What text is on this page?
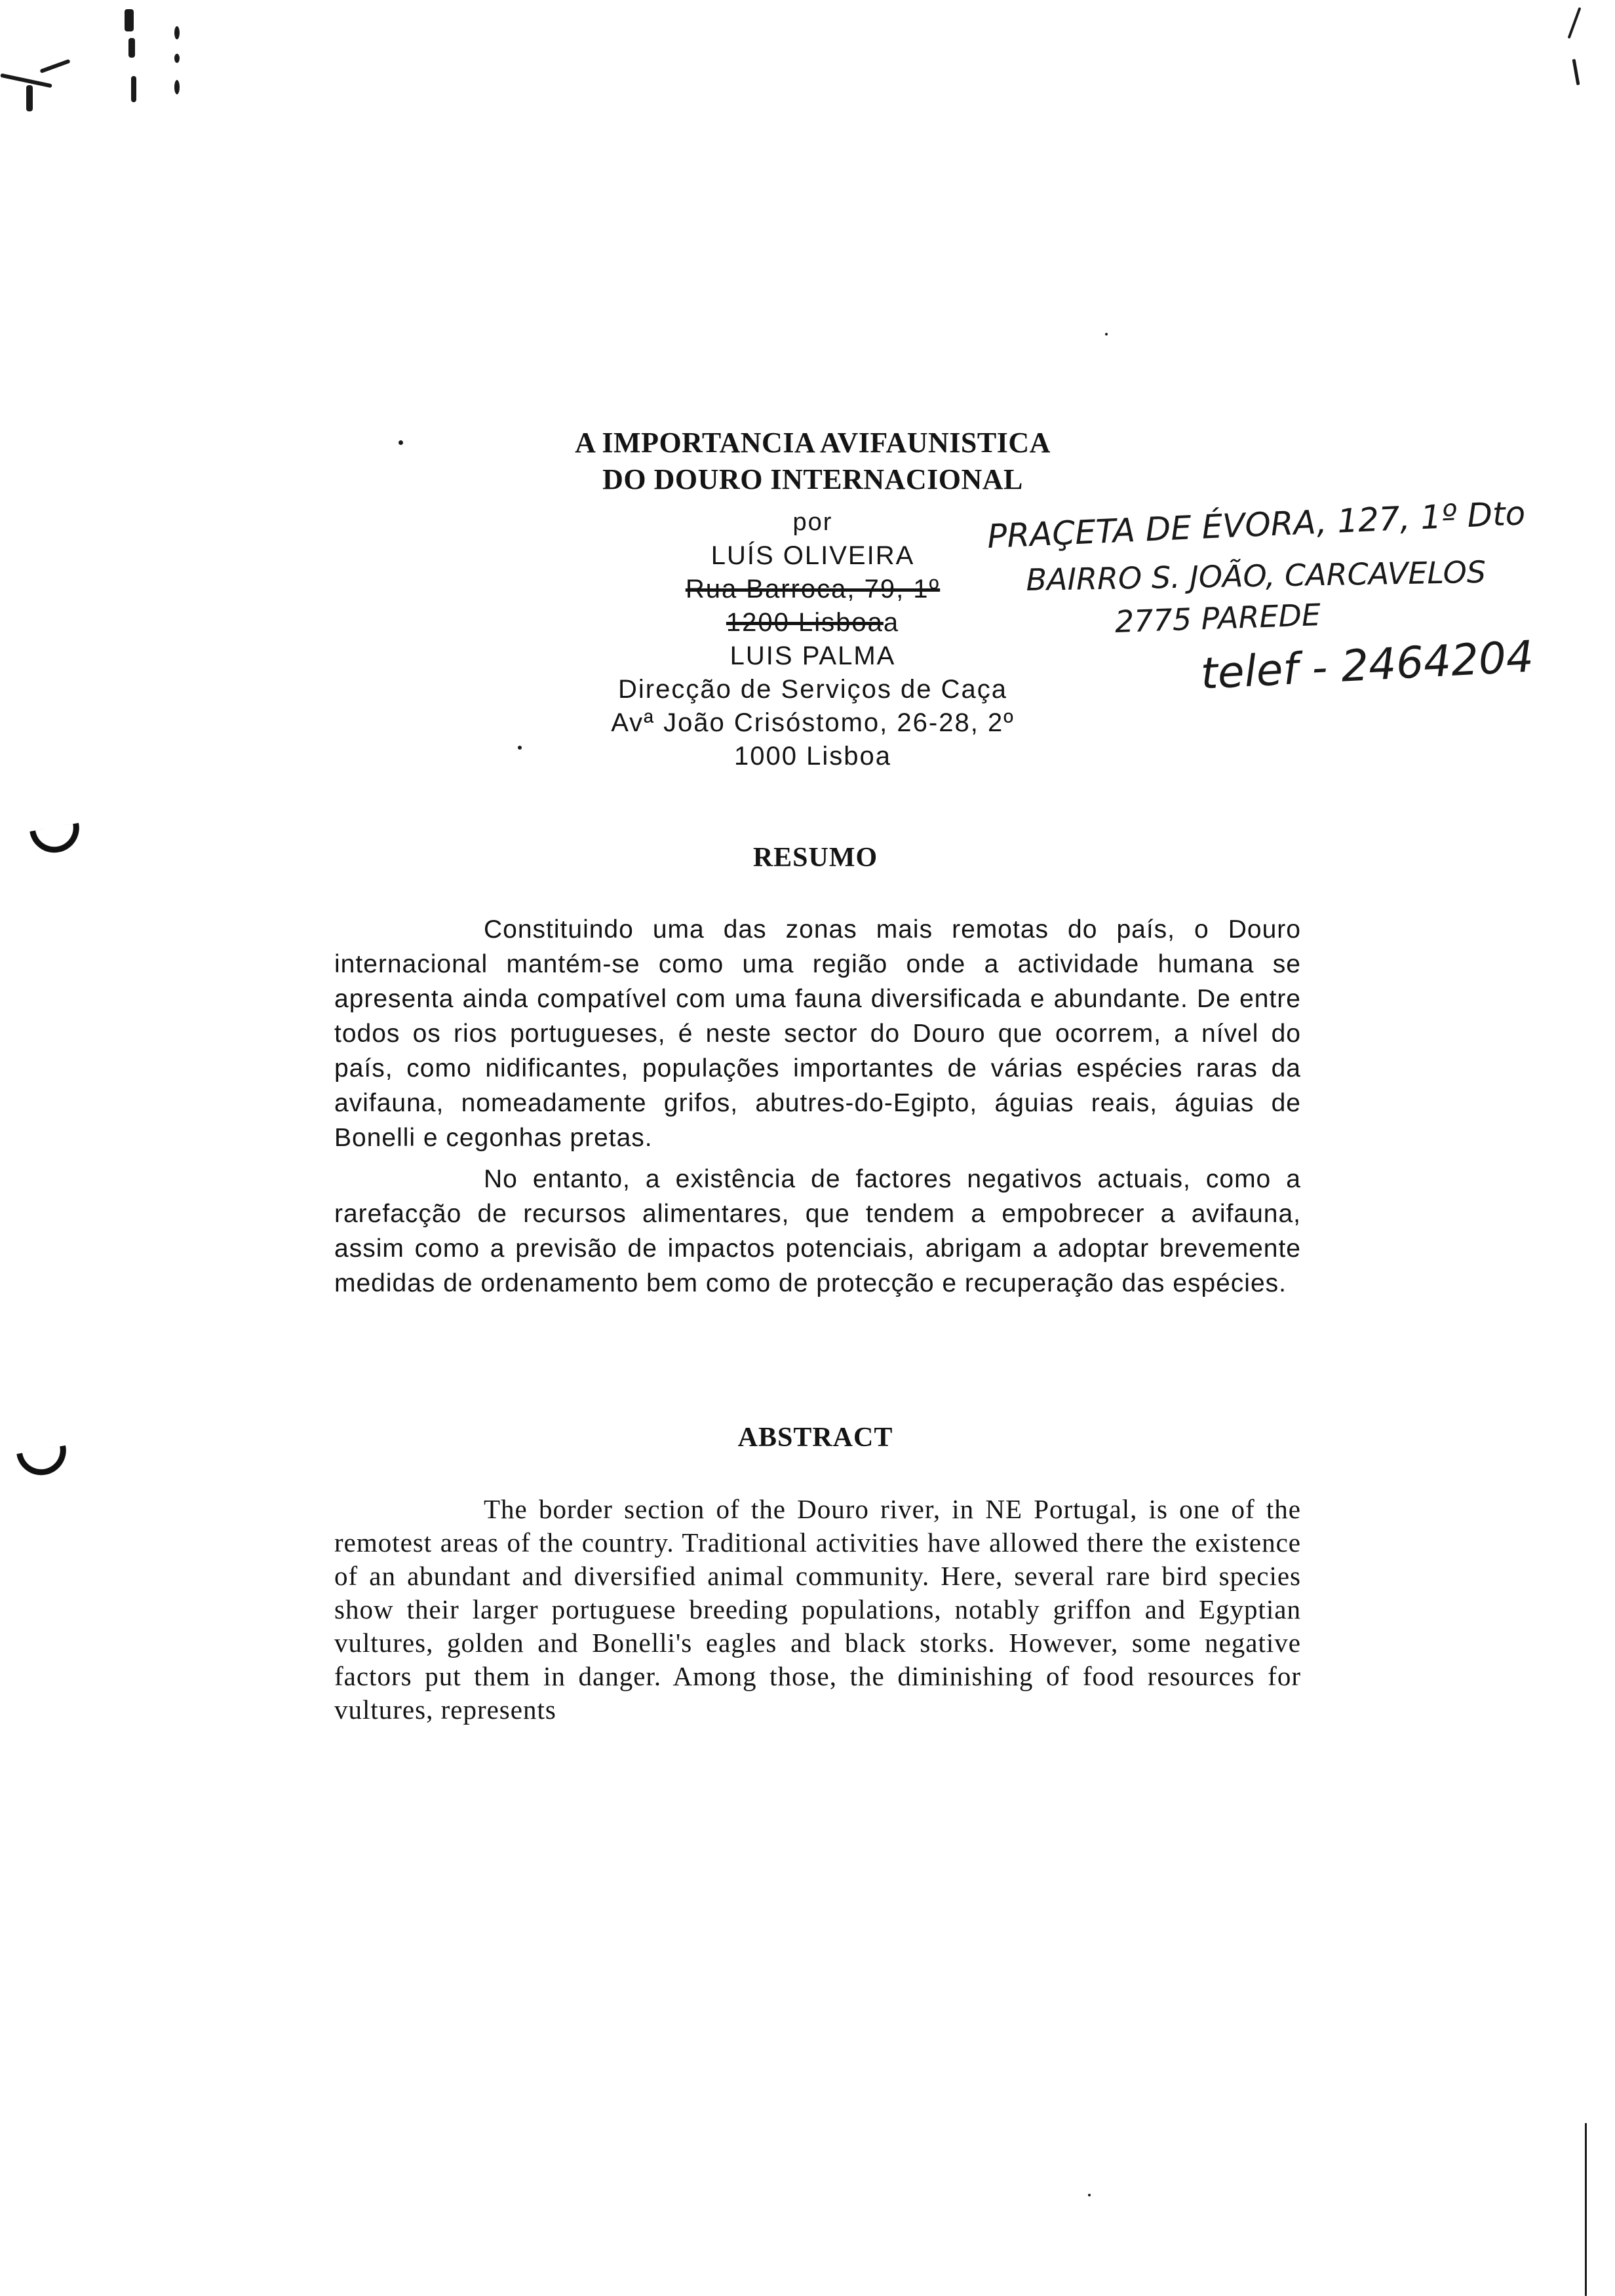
A IMPORTANCIA AVIFAUNISTICA
DO DOURO INTERNACIONAL
por
LUÍS OLIVEIRA
Rua Barroca, 79, 1º
1200 Lisboaa
LUIS PALMA
Direcção de Serviços de Caça
Avª João Crisóstomo, 26-28, 2º
1000 Lisboa
PRAÇETA DE ÉVORA, 127, 1º Dto
BAIRRO S. JOÃO, CARCAVELOS
2775 PAREDE
telef - 2464204
RESUMO

Constituindo uma das zonas mais remotas do país, o Douro internacional mantém-se como uma região onde a actividade humana se apresenta ainda compatível com uma fauna diversificada e abundante. De entre todos os rios portugueses, é neste sector do Douro que ocorrem, a nível do país, como nidificantes, populações importantes de várias espécies raras da avifauna, nomeadamente grifos, abutres-do-Egipto, águias reais, águias de Bonelli e cegonhas pretas.

No entanto, a existência de factores negativos actuais, como a rarefacção de recursos alimentares, que tendem a empobrecer a avifauna, assim como a previsão de impactos potenciais, abrigam a adoptar brevemente medidas de ordenamento bem como de protecção e recuperação das espécies.

ABSTRACT

The border section of the Douro river, in NE Portugal, is one of the remotest areas of the country. Traditional activities have allowed there the existence of an abundant and diversified animal community. Here, several rare bird species show their larger portuguese breeding populations, notably griffon and Egyptian vultures, golden and Bonelli's eagles and black storks. However, some negative factors put them in danger. Among those, the diminishing of food resources for vultures, represents
